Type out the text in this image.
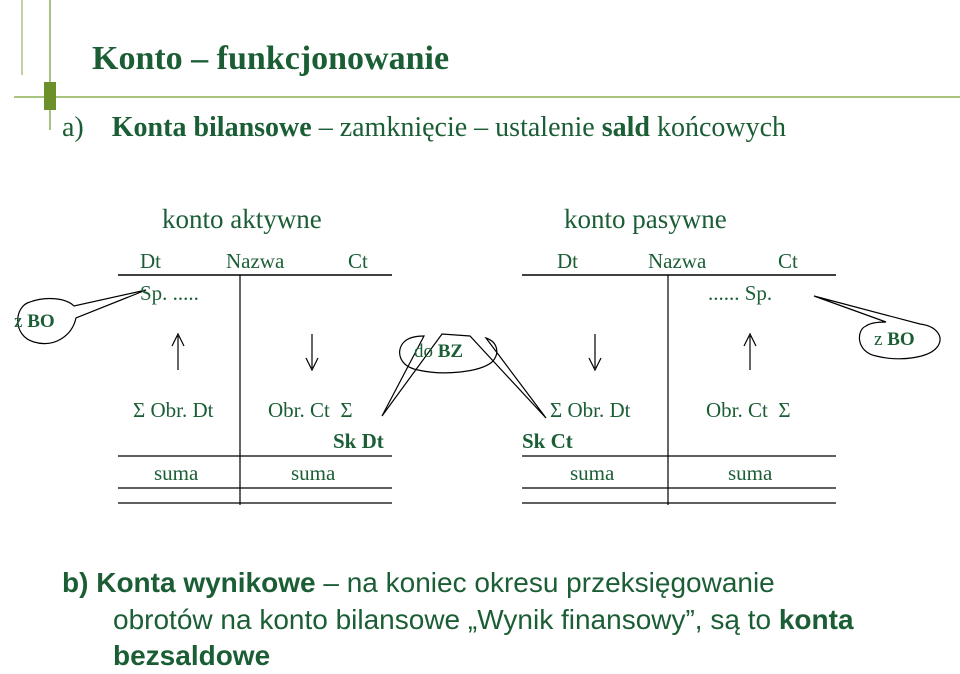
Konto – funkcjonowanie
a) Konta bilansowe – zamknięcie – ustalenie sald końcowych
konto aktywne
Dt	Nazwa	Ct
Sp. .....
Σ Obr. Dt	Obr. Ct  Σ
Sk Dt
suma	suma
konto pasywne
Dt	Nazwa	Ct
...... Sp.
Σ Obr. Dt	Obr. Ct  Σ
Sk Ct
suma	suma
z BO
do BZ
z BO
b) Konta wynikowe – na koniec okresu przeksięgowanie
obrotów na konto bilansowe „Wynik finansowy”, są to konta
bezsaldowe
